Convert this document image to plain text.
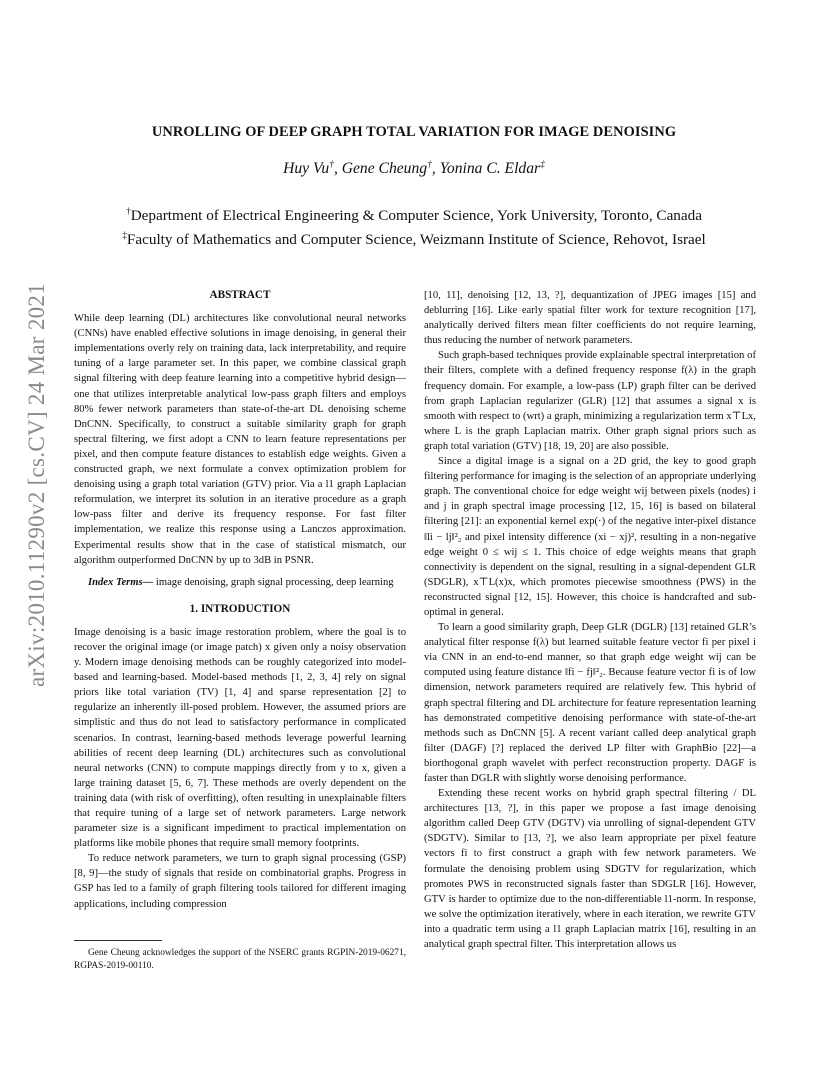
arXiv:2010.11290v2 [cs.CV] 24 Mar 2021
UNROLLING OF DEEP GRAPH TOTAL VARIATION FOR IMAGE DENOISING
Huy Vu†, Gene Cheung†, Yonina C. Eldar‡
†Department of Electrical Engineering & Computer Science, York University, Toronto, Canada
‡Faculty of Mathematics and Computer Science, Weizmann Institute of Science, Rehovot, Israel
ABSTRACT

While deep learning (DL) architectures like convolutional neural networks (CNNs) have enabled effective solutions in image denoising, in general their implementations overly rely on training data, lack interpretability, and require tuning of a large parameter set. In this paper, we combine classical graph signal filtering with deep feature learning into a competitive hybrid design—one that utilizes interpretable analytical low-pass graph filters and employs 80% fewer network parameters than state-of-the-art DL denoising scheme DnCNN. Specifically, to construct a suitable similarity graph for graph spectral filtering, we first adopt a CNN to learn feature representations per pixel, and then compute feature distances to establish edge weights. Given a constructed graph, we next formulate a convex optimization problem for denoising using a graph total variation (GTV) prior. Via a l1 graph Laplacian reformulation, we interpret its solution in an iterative procedure as a graph low-pass filter and derive its frequency response. For fast filter implementation, we realize this response using a Lanczos approximation. Experimental results show that in the case of statistical mismatch, our algorithm outperformed DnCNN by up to 3dB in PSNR.

Index Terms— image denoising, graph signal processing, deep learning

1. INTRODUCTION

Image denoising is a basic image restoration problem, where the goal is to recover the original image (or image patch) x given only a noisy observation y. Modern image denoising methods can be roughly categorized into model-based and learning-based. Model-based methods [1, 2, 3, 4] rely on signal priors like total variation (TV) [1, 4] and sparse representation [2] to regularize an inherently ill-posed problem. However, the assumed priors are simplistic and thus do not lead to satisfactory performance in complicated scenarios. In contrast, learning-based methods leverage powerful learning abilities of recent deep learning (DL) architectures such as convolutional neural networks (CNN) to compute mappings directly from y to x, given a large training dataset [5, 6, 7]. These methods are overly dependent on the training data (with risk of overfitting), often resulting in unexplainable filters that require tuning of a large set of network parameters. Large network parameter size is a significant impediment to practical implementation on platforms like mobile phones that require small memory footprints.

To reduce network parameters, we turn to graph signal processing (GSP) [8, 9]—the study of signals that reside on combinatorial graphs. Progress in GSP has led to a family of graph filtering tools tailored for different imaging applications, including compression

[10, 11], denoising [12, 13, ?], dequantization of JPEG images [15] and deblurring [16]. Like early spatial filter work for texture recognition [17], analytically derived filters mean filter coefficients do not require learning, thus reducing the number of network parameters.

Such graph-based techniques provide explainable spectral interpretation of their filters, complete with a defined frequency response f(λ) in the graph frequency domain. For example, a low-pass (LP) graph filter can be derived from graph Laplacian regularizer (GLR) [12] that assumes a signal x is smooth with respect to (wrt) a graph, minimizing a regularization term x⊤Lx, where L is the graph Laplacian matrix. Other graph signal priors such as graph total variation (GTV) [18, 19, 20] are also possible.

Since a digital image is a signal on a 2D grid, the key to good graph filtering performance for imaging is the selection of an appropriate underlying graph. The conventional choice for edge weight wij between pixels (nodes) i and j in graph spectral image processing [12, 15, 16] is based on bilateral filtering [21]: an exponential kernel exp(·) of the negative inter-pixel distance ‖li − lj‖²₂ and pixel intensity difference (xi − xj)², resulting in a non-negative edge weight 0 ≤ wij ≤ 1. This choice of edge weights means that graph connectivity is dependent on the signal, resulting in a signal-dependent GLR (SDGLR), x⊤L(x)x, which promotes piecewise smoothness (PWS) in the reconstructed signal [12, 15]. However, this choice is handcrafted and sub-optimal in general.

To learn a good similarity graph, Deep GLR (DGLR) [13] retained GLR’s analytical filter response f(λ) but learned suitable feature vector fi per pixel i via CNN in an end-to-end manner, so that graph edge weight wij can be computed using feature distance ‖fi − fj‖²₂. Because feature vector fi is of low dimension, network parameters required are relatively few. This hybrid of graph spectral filtering and DL architecture for feature representation learning has demonstrated competitive denoising performance with state-of-the-art methods such as DnCNN [5]. A recent variant called deep analytical graph filter (DAGF) [?] replaced the derived LP filter with GraphBio [22]—a biorthogonal graph wavelet with perfect reconstruction property. DAGF is faster than DGLR with slightly worse denoising performance.

Extending these recent works on hybrid graph spectral filtering / DL architectures [13, ?], in this paper we propose a fast image denoising algorithm called Deep GTV (DGTV) via unrolling of signal-dependent GTV (SDGTV). Similar to [13, ?], we also learn appropriate per pixel feature vectors fi to first construct a graph with few network parameters. We formulate the denoising problem using SDGTV for regularization, which promotes PWS in reconstructed signals faster than SDGLR [16]. However, GTV is harder to optimize due to the non-differentiable l1-norm. In response, we solve the optimization iteratively, where in each iteration, we rewrite GTV into a quadratic term using a l1 graph Laplacian matrix [16], resulting in an analytical graph spectral filter. This interpretation allows us

Gene Cheung acknowledges the support of the NSERC grants RGPIN-2019-06271, RGPAS-2019-00110.
